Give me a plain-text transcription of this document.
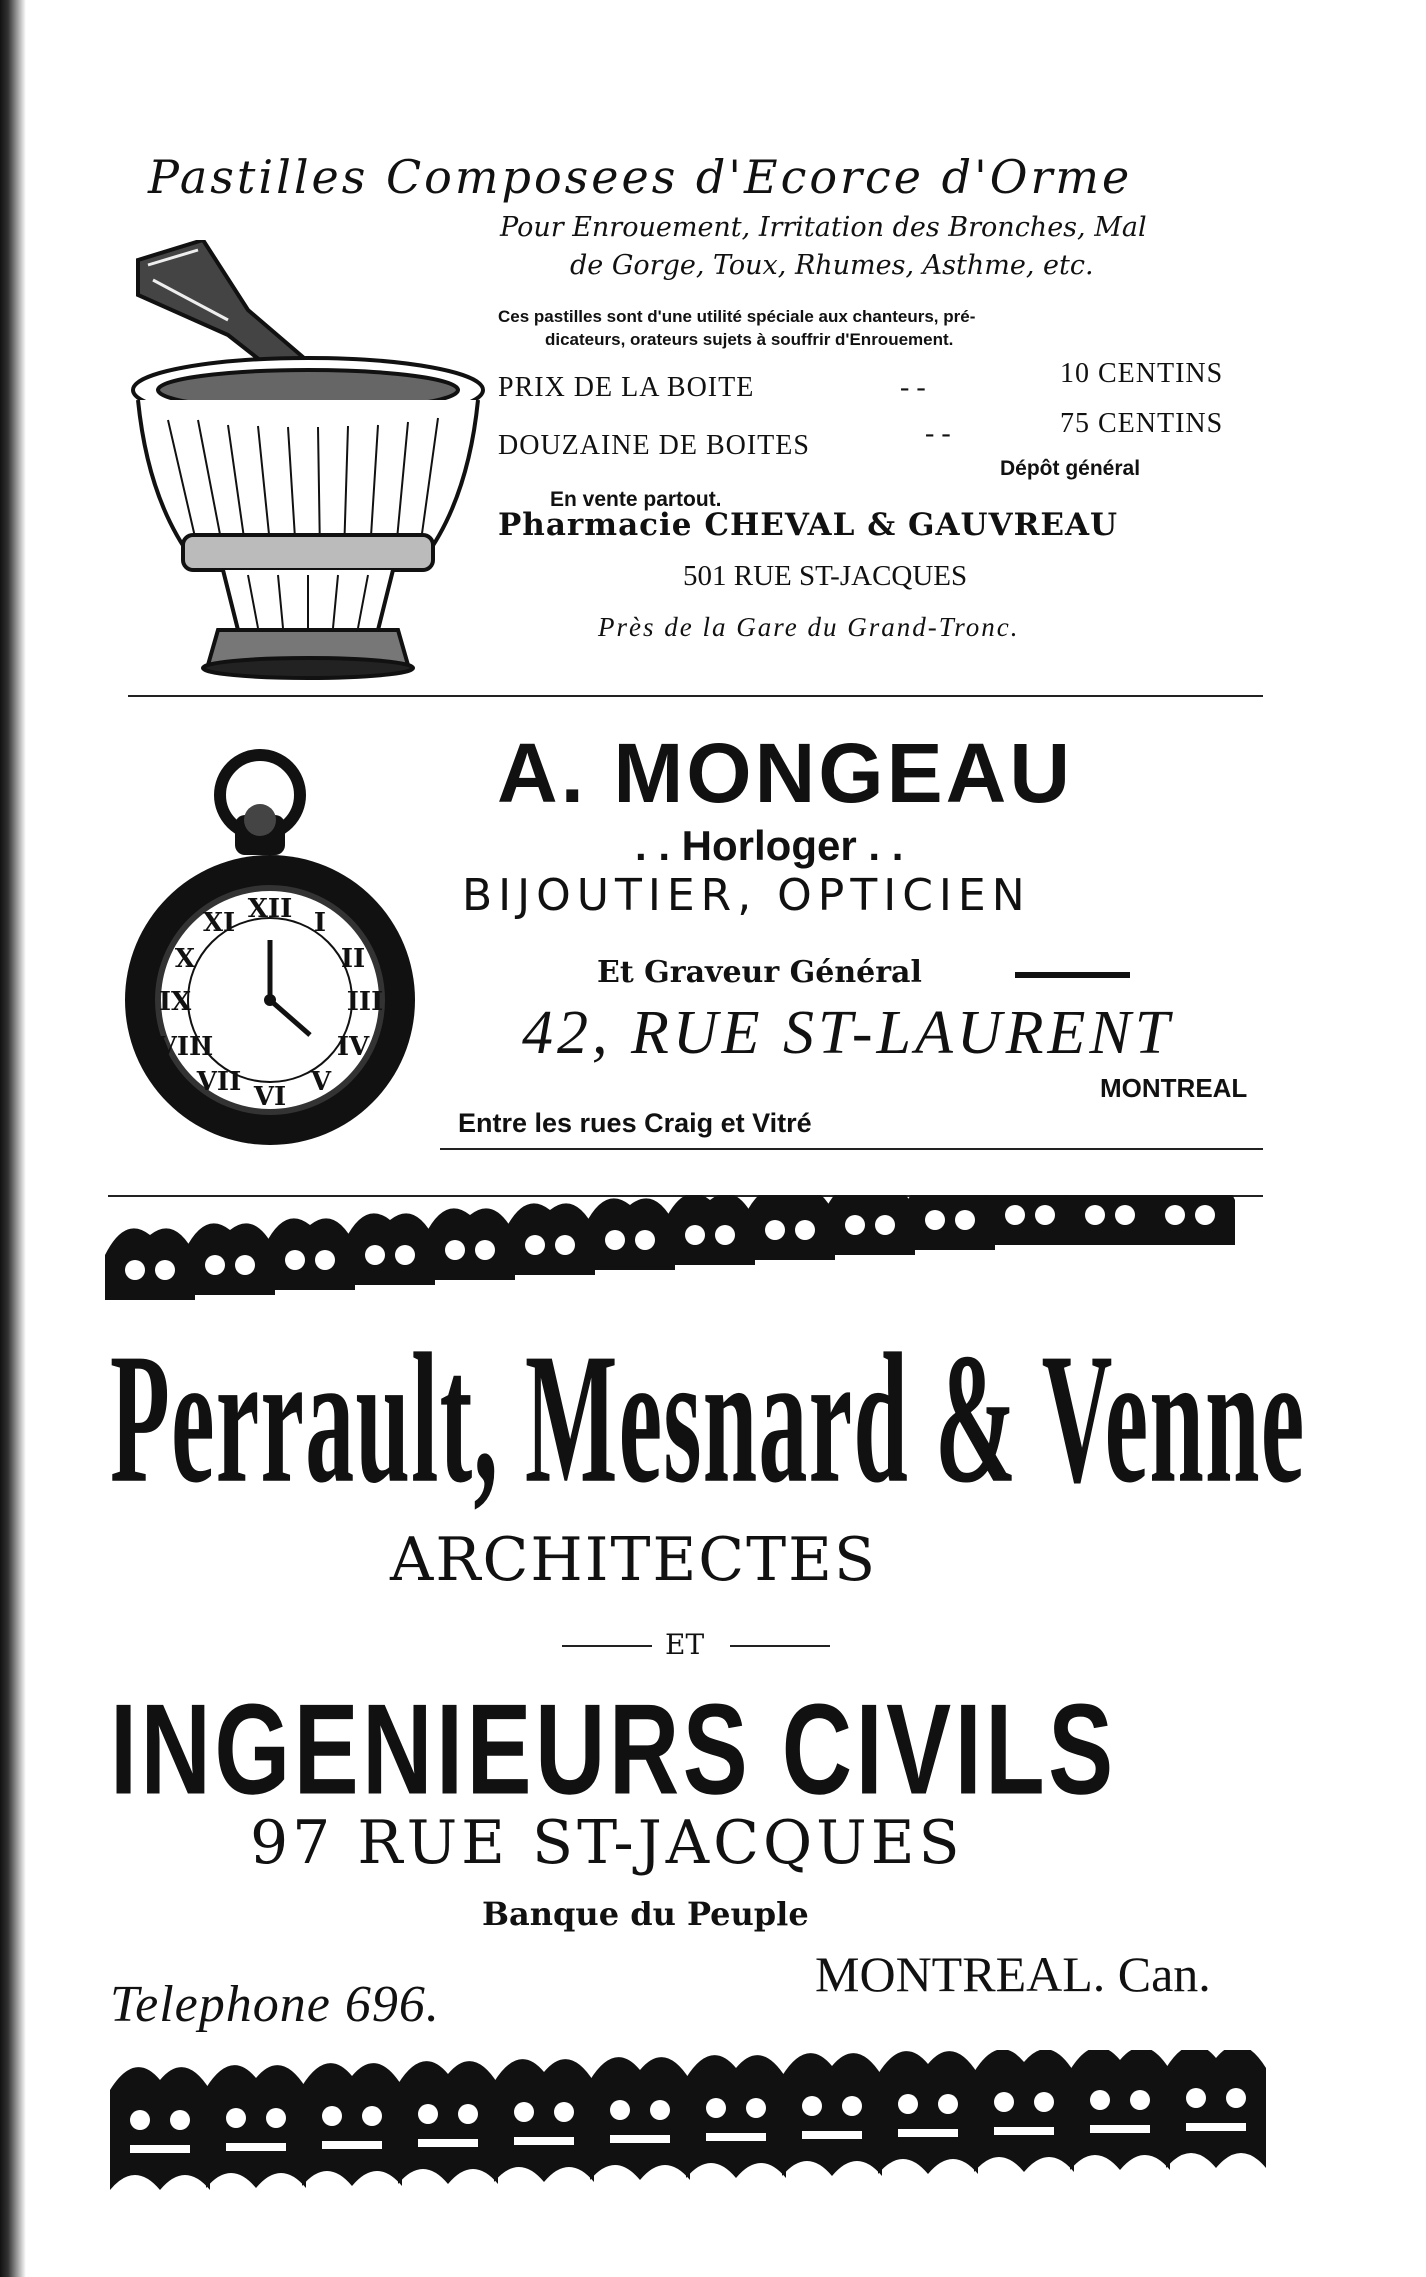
Pastilles Composees d'Ecorce d'Orme
Pour Enrouement, Irritation des Bronches, Mal
de Gorge, Toux, Rhumes, Asthme, etc.
Ces pastilles sont d'une utilité spéciale aux chanteurs, pré-
dicateurs, orateurs sujets à souffrir d'Enrouement.
PRIX DE LA BOITE	- -	10 CENTINS
DOUZAINE DE BOITES	- -	75 CENTINS
En vente partout.
Dépôt général
Pharmacie CHEVAL & GAUVREAU
501 RUE ST-JACQUES
Près de la Gare du Grand-Tronc.
XII I
II
III
IV
V
VI
VII
VIII
IX
X
XI
A. MONGEAU
. . Horloger . .
BIJOUTIER, OPTICIEN
Et Graveur Général
42, RUE ST-LAURENT
Entre les rues Craig et Vitré
MONTREAL
Perrault, Mesnard & Venne
ARCHITECTES
ET
INGENIEURS CIVILS
97 RUE ST-JACQUES
Banque du Peuple
Telephone 696.
MONTREAL. Can.
